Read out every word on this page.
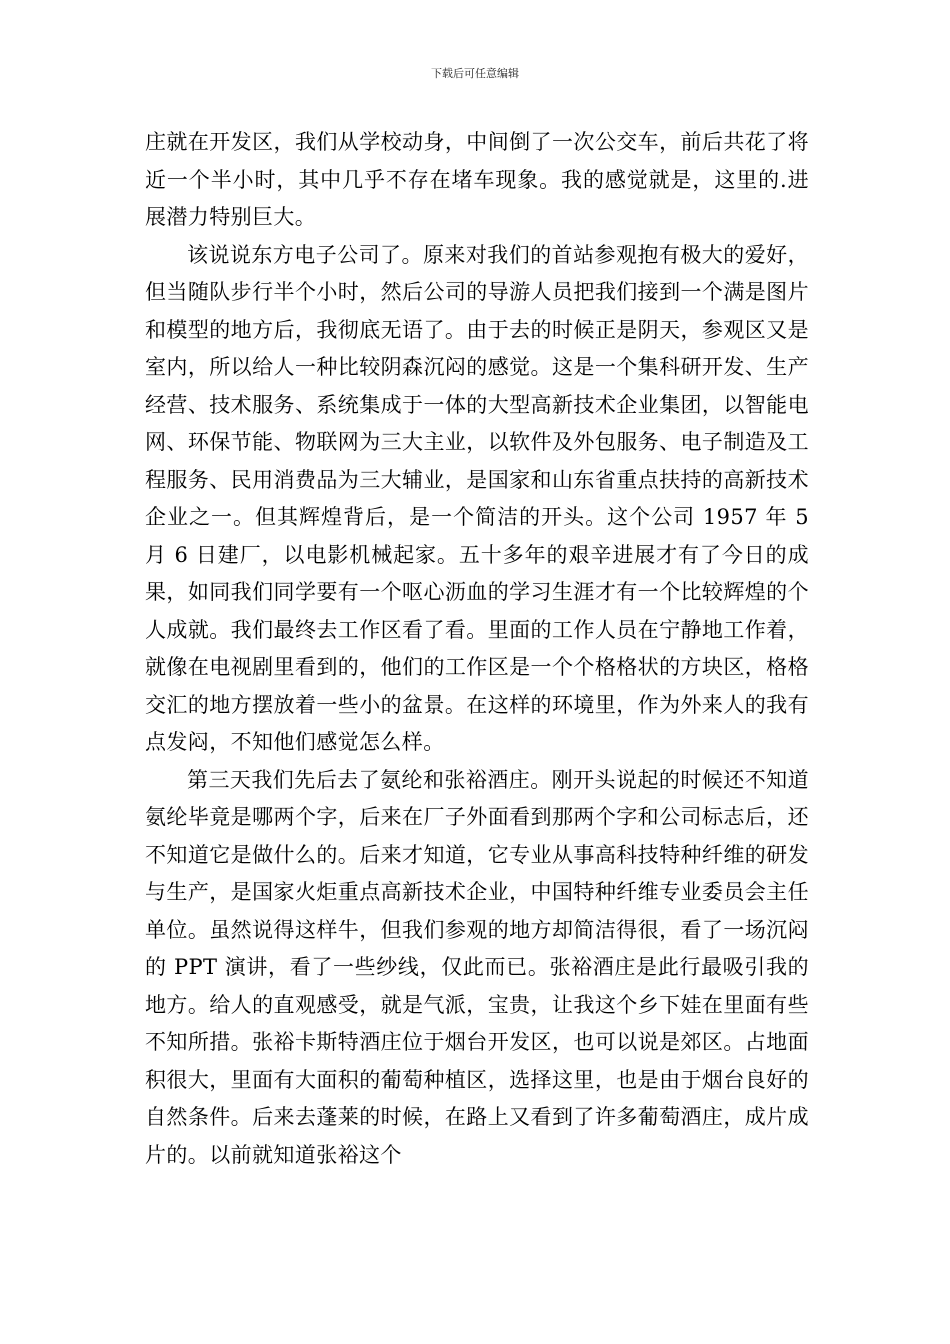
下载后可任意编辑

庄就在开发区，我们从学校动身，中间倒了一次公交车，前后共花了将近一个半小时，其中几乎不存在堵车现象。我的感觉就是，这里的.进展潜力特别巨大。

该说说东方电子公司了。原来对我们的首站参观抱有极大的爱好，但当随队步行半个小时，然后公司的导游人员把我们接到一个满是图片和模型的地方后，我彻底无语了。由于去的时候正是阴天，参观区又是室内，所以给人一种比较阴森沉闷的感觉。这是一个集科研开发、生产经营、技术服务、系统集成于一体的大型高新技术企业集团，以智能电网、环保节能、物联网为三大主业，以软件及外包服务、电子制造及工程服务、民用消费品为三大辅业，是国家和山东省重点扶持的高新技术企业之一。但其辉煌背后，是一个简洁的开头。这个公司 1957 年 5 月 6 日建厂，以电影机械起家。五十多年的艰辛进展才有了今日的成果，如同我们同学要有一个呕心沥血的学习生涯才有一个比较辉煌的个人成就。我们最终去工作区看了看。里面的工作人员在宁静地工作着，就像在电视剧里看到的，他们的工作区是一个个格格状的方块区，格格交汇的地方摆放着一些小的盆景。在这样的环境里，作为外来人的我有点发闷，不知他们感觉怎么样。

第三天我们先后去了氨纶和张裕酒庄。刚开头说起的时候还不知道氨纶毕竟是哪两个字，后来在厂子外面看到那两个字和公司标志后，还不知道它是做什么的。后来才知道，它专业从事高科技特种纤维的研发与生产，是国家火炬重点高新技术企业，中国特种纤维专业委员会主任单位。虽然说得这样牛，但我们参观的地方却简洁得很，看了一场沉闷的 PPT 演讲，看了一些纱线，仅此而已。张裕酒庄是此行最吸引我的地方。给人的直观感受，就是气派，宝贵，让我这个乡下娃在里面有些不知所措。张裕卡斯特酒庄位于烟台开发区，也可以说是郊区。占地面积很大，里面有大面积的葡萄种植区，选择这里，也是由于烟台良好的自然条件。后来去蓬莱的时候，在路上又看到了许多葡萄酒庄，成片成片的。以前就知道张裕这个
